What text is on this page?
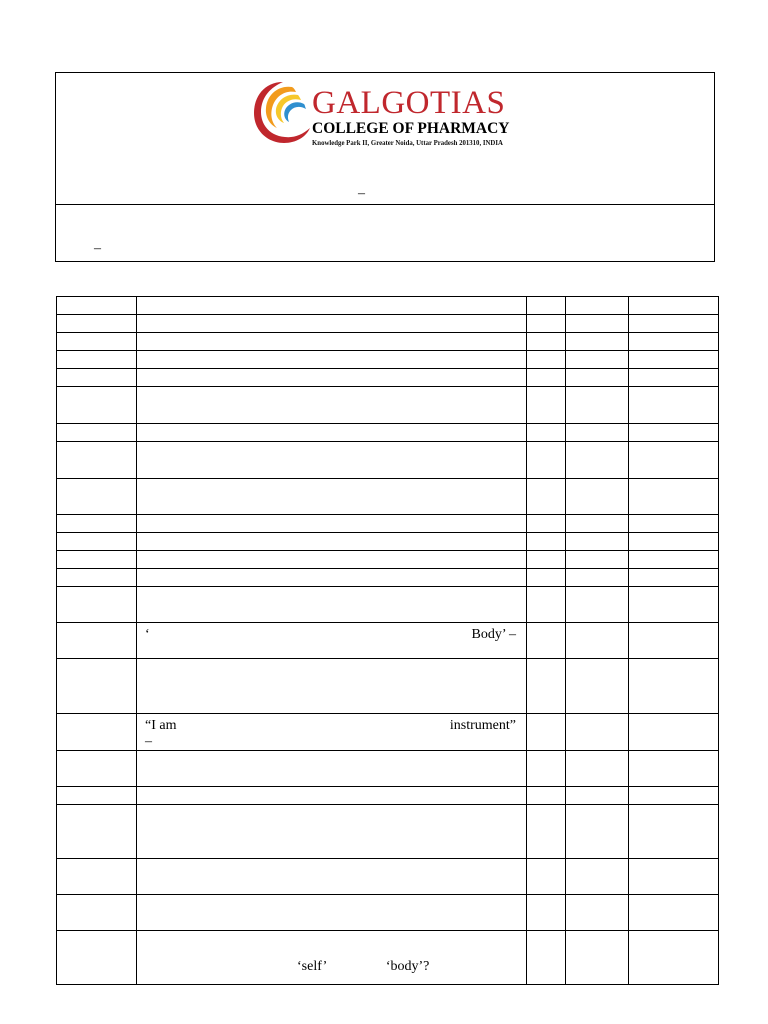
GALGOTIAS
COLLEGE OF PHARMACY
Knowledge Park II, Greater Noida, Uttar Pradesh 201310, INDIA
–
–

	‘ Body’ –			

	“I am instrument”
–			

	‘self’ ‘body’?			
